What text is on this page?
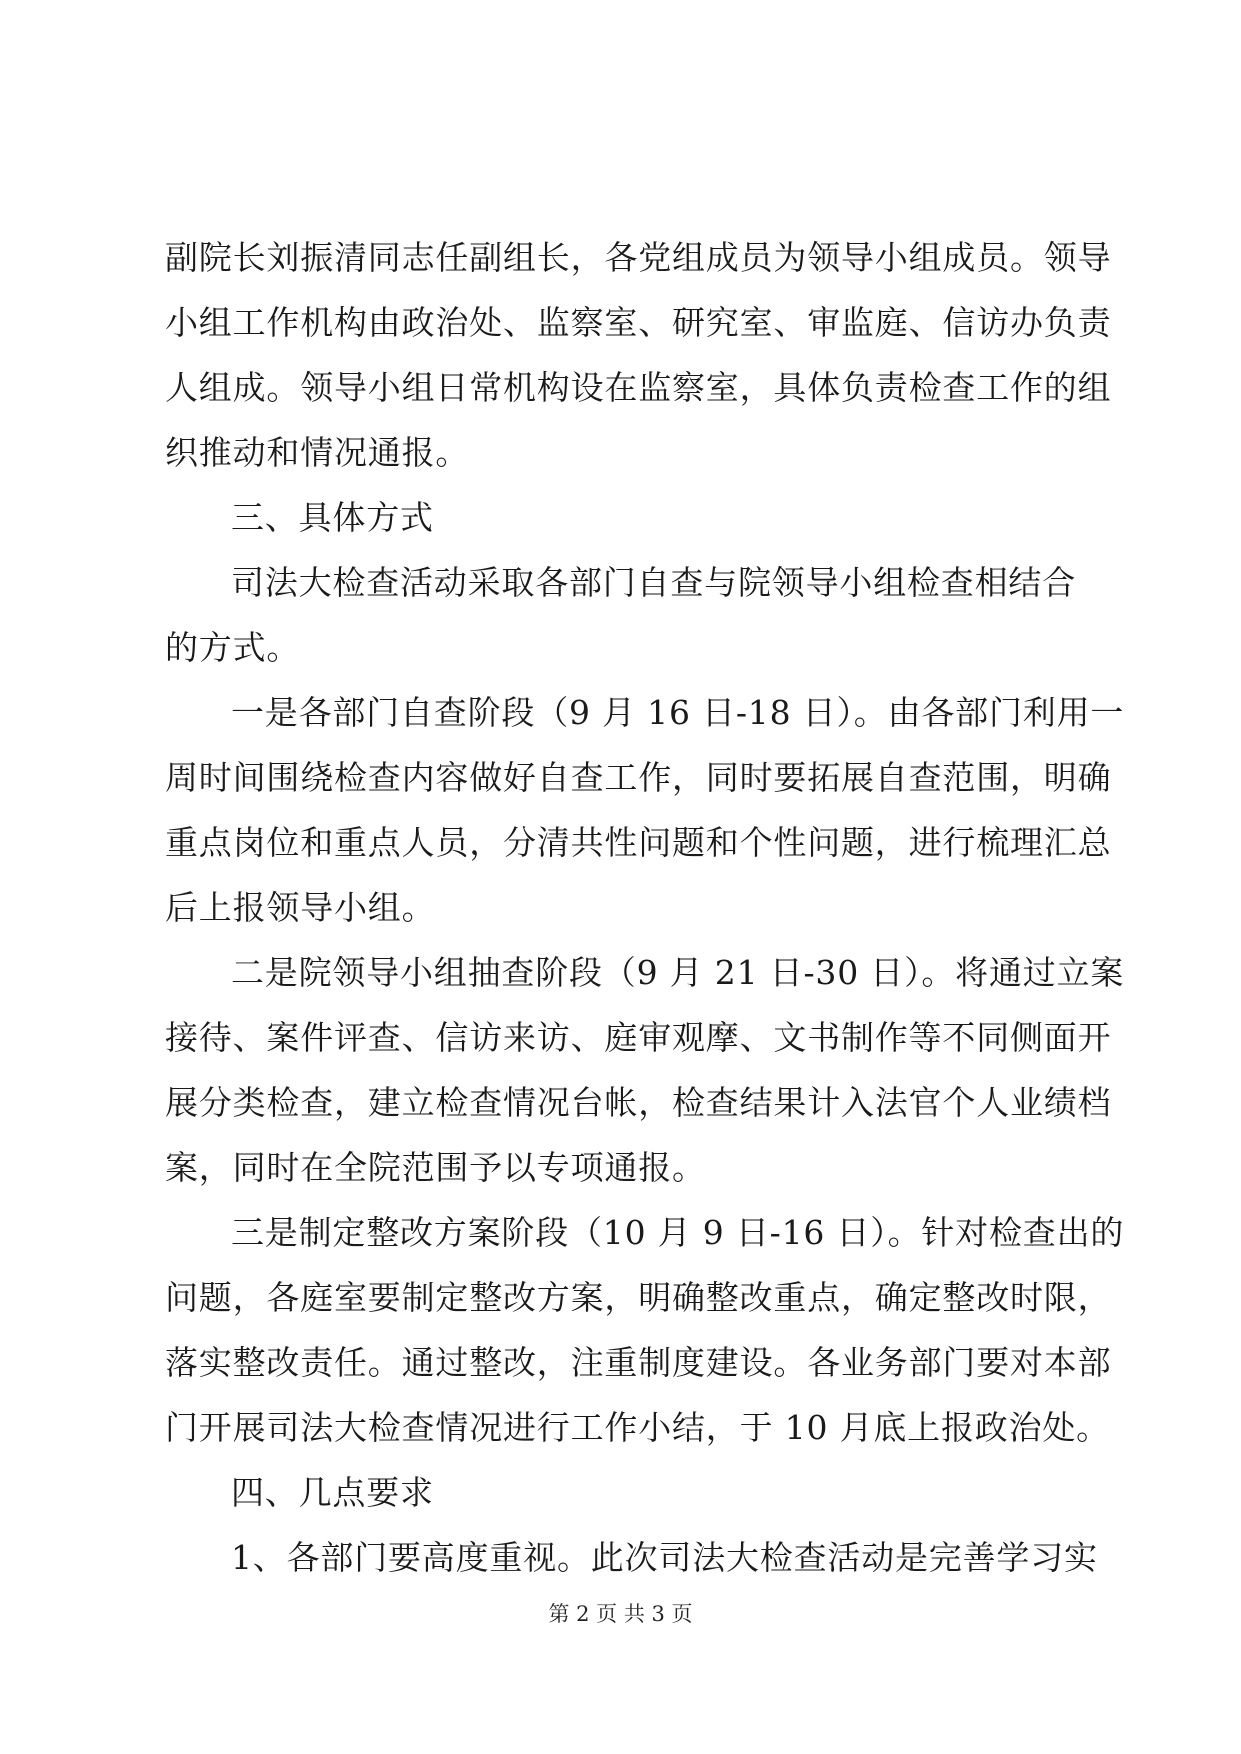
副院长刘振清同志任副组长，各党组成员为领导小组成员。领导
小组工作机构由政治处、监察室、研究室、审监庭、信访办负责
人组成。领导小组日常机构设在监察室，具体负责检查工作的组
织推动和情况通报。
三、具体方式
司法大检查活动采取各部门自查与院领导小组检查相结合
的方式。
一是各部门自查阶段（9 月 16 日-18 日）。由各部门利用一
周时间围绕检查内容做好自查工作，同时要拓展自查范围，明确
重点岗位和重点人员，分清共性问题和个性问题，进行梳理汇总
后上报领导小组。
二是院领导小组抽查阶段（9 月 21 日-30 日）。将通过立案
接待、案件评查、信访来访、庭审观摩、文书制作等不同侧面开
展分类检查，建立检查情况台帐，检查结果计入法官个人业绩档
案，同时在全院范围予以专项通报。
三是制定整改方案阶段（10 月 9 日-16 日）。针对检查出的
问题，各庭室要制定整改方案，明确整改重点，确定整改时限，
落实整改责任。通过整改，注重制度建设。各业务部门要对本部
门开展司法大检查情况进行工作小结，于 10 月底上报政治处。
四、几点要求
1、各部门要高度重视。此次司法大检查活动是完善学习实
第 2 页 共 3 页
